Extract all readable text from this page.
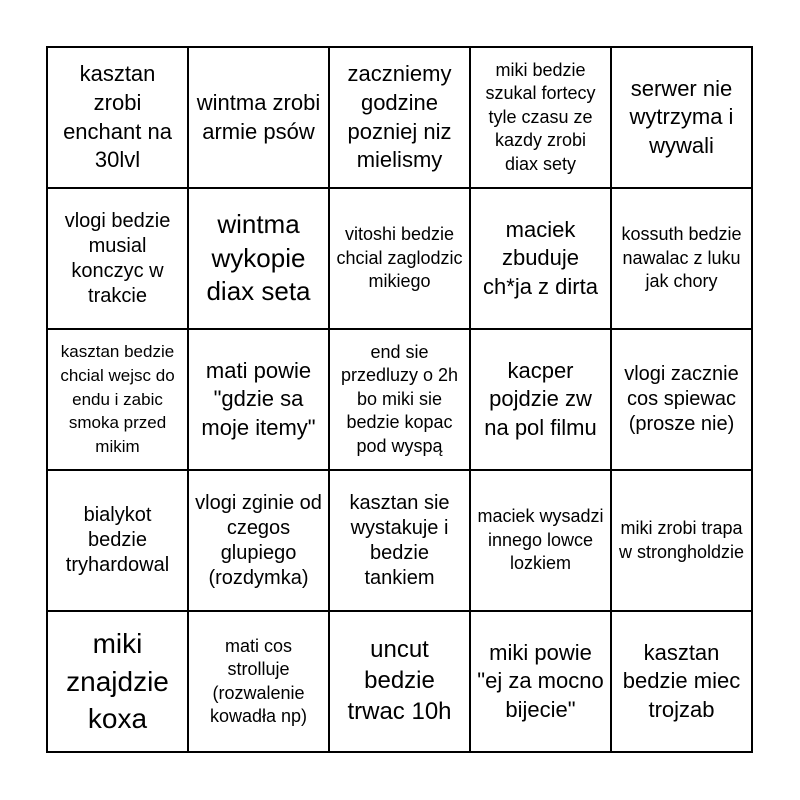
kasztan zrobi enchant na 30lvl
wintma zrobi armie psów
zaczniemy godzine pozniej niz mielismy
miki bedzie szukal fortecy tyle czasu ze kazdy zrobi diax sety
serwer nie wytrzyma i wywali
vlogi bedzie musial konczyc w trakcie
wintma wykopie diax seta
vitoshi bedzie chcial zaglodzic mikiego
maciek zbuduje ch*ja z dirta
kossuth bedzie nawalac z luku jak chory
kasztan bedzie chcial wejsc do endu i zabic smoka przed mikim
mati powie "gdzie sa moje itemy"
end sie przedluzy o 2h bo miki sie bedzie kopac pod wyspą
kacper pojdzie zw na pol filmu
vlogi zacznie cos spiewac (prosze nie)
bialykot bedzie tryhardowal
vlogi zginie od czegos glupiego (rozdymka)
kasztan sie wystakuje i bedzie tankiem
maciek wysadzi innego lowce lozkiem
miki zrobi trapa w strongholdzie
miki znajdzie koxa
mati cos strolluje (rozwalenie kowadła np)
uncut bedzie trwac 10h
miki powie "ej za mocno bijecie"
kasztan bedzie miec trojzab
